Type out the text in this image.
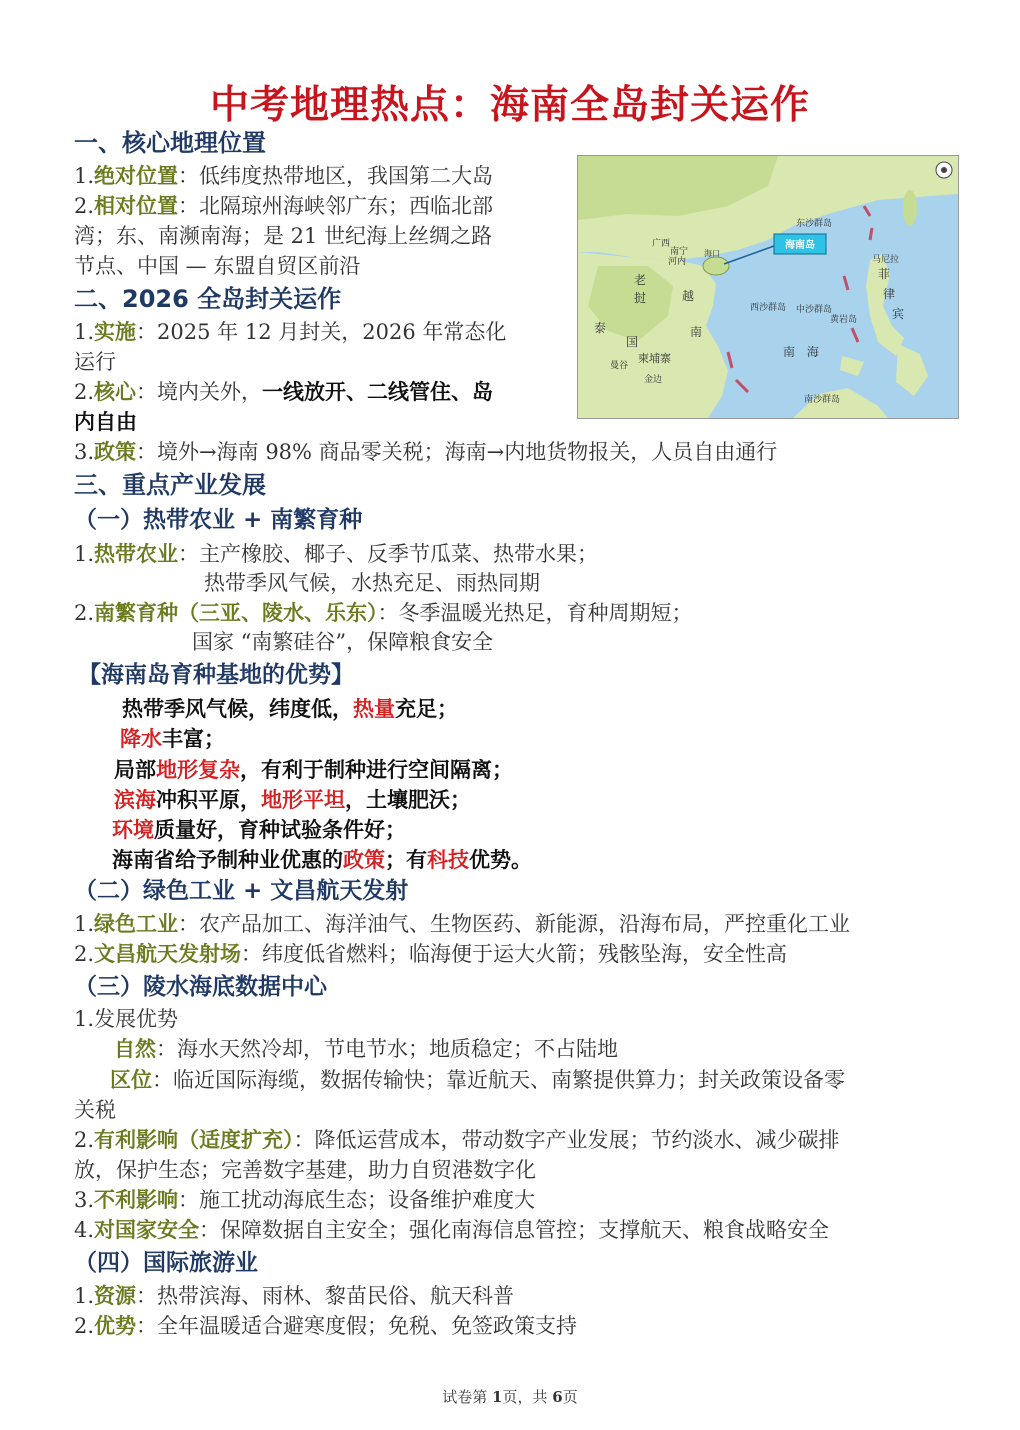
中考地理热点：海南全岛封关运作
一、核心地理位置
1.绝对位置：低纬度热带地区，我国第二大岛
2.相对位置：北隔琼州海峡邻广东；西临北部
湾；东、南濒南海；是 21 世纪海上丝绸之路
节点、中国 — 东盟自贸区前沿
二、2026 全岛封关运作
1.实施：2025 年 12 月封关，2026 年常态化
运行
2.核心：境内关外，一线放开、二线管住、岛
内自由
3.政策：境外→海南 98% 商品零关税；海南→内地货物报关，人员自由通行
三、重点产业发展
（一）热带农业 + 南繁育种
1.热带农业：主产橡胶、椰子、反季节瓜菜、热带水果；
热带季风气候，水热充足、雨热同期
2.南繁育种（三亚、陵水、乐东）：冬季温暖光热足，育种周期短；
国家 “南繁硅谷”，保障粮食安全
【海南岛育种基地的优势】
热带季风气候，纬度低，热量充足；
降水丰富；
局部地形复杂，有利于制种进行空间隔离；
滨海冲积平原，地形平坦，土壤肥沃；
环境质量好，育种试验条件好；
海南省给予制种业优惠的政策；有科技优势。
（二）绿色工业 + 文昌航天发射
1.绿色工业：农产品加工、海洋油气、生物医药、新能源，沿海布局，严控重化工业
2.文昌航天发射场：纬度低省燃料；临海便于运大火箭；残骸坠海，安全性高
（三）陵水海底数据中心
1.发展优势
自然：海水天然冷却，节电节水；地质稳定；不占陆地
区位：临近国际海缆，数据传输快；靠近航天、南繁提供算力；封关政策设备零
关税
2.有利影响（适度扩充）：降低运营成本，带动数字产业发展；节约淡水、减少碳排
放，保护生态；完善数字基建，助力自贸港数字化
3.不利影响：施工扰动海底生态；设备维护难度大
4.对国家安全：保障数据自主安全；强化南海信息管控；支撑航天、粮食战略安全
（四）国际旅游业
1.资源：热带滨海、雨林、黎苗民俗、航天科普
2.优势：全年温暖适合避寒度假；免税、免签政策支持
海南岛
广西
南宁
河内
老
挝
泰
国
曼谷
柬埔寨
金边
越
南
东沙群岛
中沙群岛
西沙群岛
南沙群岛
黄岩岛
菲
律
宾
马尼拉
南 海
海口
试卷第 1页，共 6页
